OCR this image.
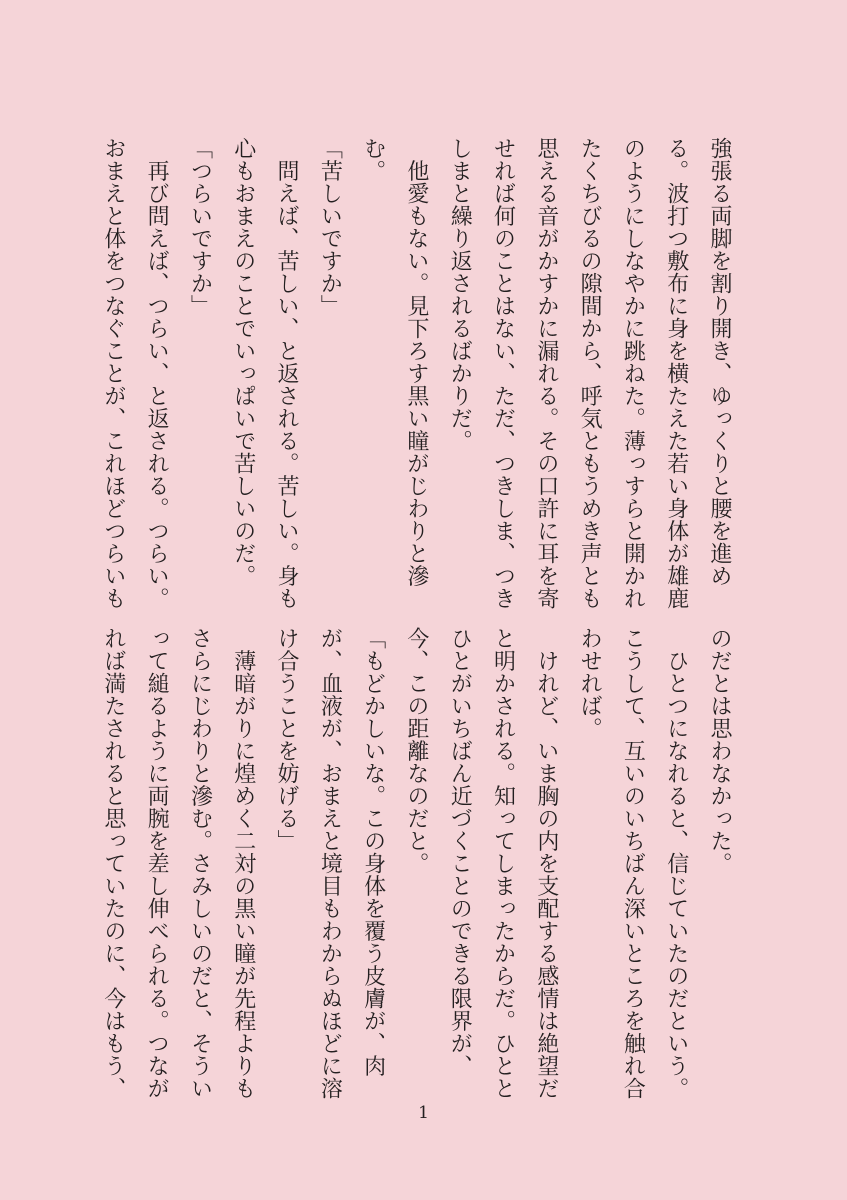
強張る両脚を割り開き、ゆっくりと腰を進め
る。波打つ敷布に身を横たえた若い身体が雄鹿
のようにしなやかに跳ねた。薄っすらと開かれ
たくちびるの隙間から、呼気ともうめき声とも
思える音がかすかに漏れる。その口許に耳を寄
せれば何のことはない、ただ、つきしま、つき
しまと繰り返されるばかりだ。
　他愛もない。見下ろす黒い瞳がじわりと滲
む。
「苦しいですか」
　問えば、苦しい、と返される。苦しい。身も
心もおまえのことでいっぱいで苦しいのだ。
「つらいですか」
　再び問えば、つらい、と返される。つらい。
おまえと体をつなぐことが、これほどつらいも
のだとは思わなかった。
　ひとつになれると、信じていたのだという。
こうして、互いのいちばん深いところを触れ合
わせれば。
　けれど、いま胸の内を支配する感情は絶望だ
と明かされる。知ってしまったからだ。ひとと
ひとがいちばん近づくことのできる限界が、
今、この距離なのだと。
「もどかしいな。この身体を覆う皮膚が、肉
が、血液が、おまえと境目もわからぬほどに溶
け合うことを妨げる」
　薄暗がりに煌めく二対の黒い瞳が先程よりも
さらにじわりと滲む。さみしいのだと、そうい
って縋るように両腕を差し伸べられる。つなが
れば満たされると思っていたのに、今はもう、
1
